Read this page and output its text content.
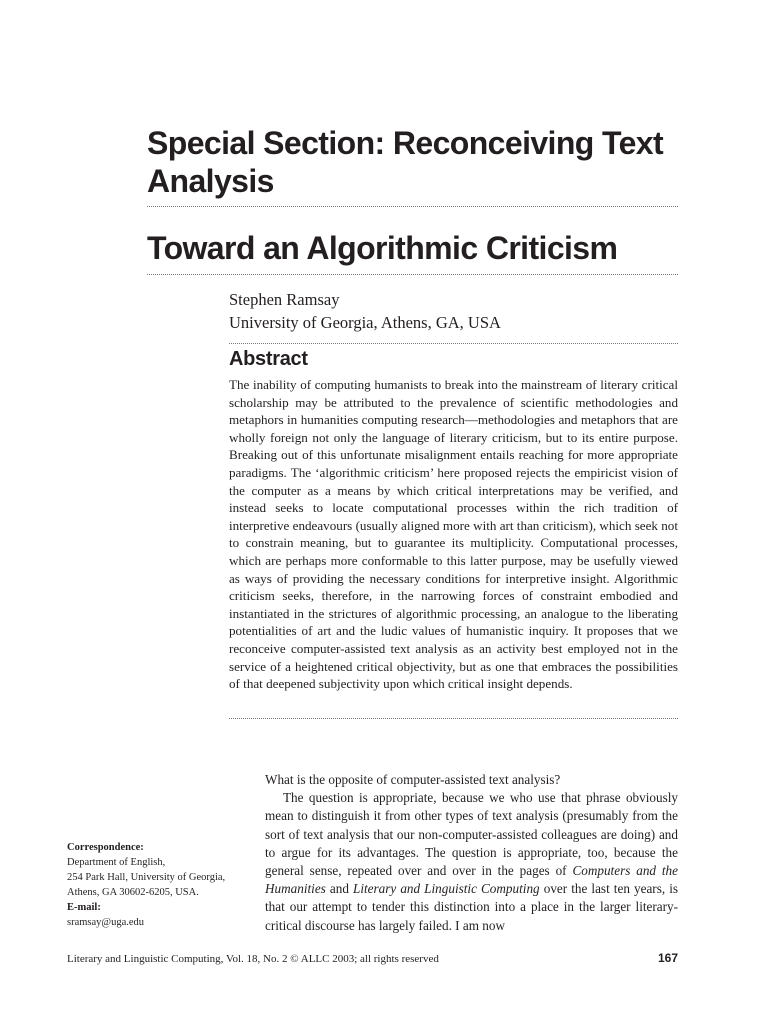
Special Section: Reconceiving Text Analysis
Toward an Algorithmic Criticism
Stephen Ramsay
University of Georgia, Athens, GA, USA
Abstract
The inability of computing humanists to break into the mainstream of literary critical scholarship may be attributed to the prevalence of scientific methodologies and metaphors in humanities computing research—methodologies and metaphors that are wholly foreign not only the language of literary criticism, but to its entire purpose. Breaking out of this unfortunate misalignment entails reaching for more appropriate paradigms. The ‘algorithmic criticism’ here proposed rejects the empiricist vision of the computer as a means by which critical interpretations may be verified, and instead seeks to locate computational processes within the rich tradition of interpretive endeavours (usually aligned more with art than criticism), which seek not to constrain meaning, but to guarantee its multiplicity. Computational processes, which are perhaps more conformable to this latter purpose, may be usefully viewed as ways of providing the necessary conditions for interpretive insight. Algorithmic criticism seeks, therefore, in the narrowing forces of constraint embodied and instantiated in the strictures of algorithmic processing, an analogue to the liberating potentialities of art and the ludic values of humanistic inquiry. It proposes that we reconceive computer-assisted text analysis as an activity best employed not in the service of a heightened critical objectivity, but as one that embraces the possibilities of that deepened subjectivity upon which critical insight depends.

What is the opposite of computer-assisted text analysis?

The question is appropriate, because we who use that phrase obviously mean to distinguish it from other types of text analysis (presumably from the sort of text analysis that our non-computer-assisted colleagues are doing) and to argue for its advantages. The question is appropriate, too, because the general sense, repeated over and over in the pages of Computers and the Humanities and Literary and Linguistic Computing over the last ten years, is that our attempt to tender this distinction into a place in the larger literary-critical discourse has largely failed. I am now

Correspondence:
Department of English,
254 Park Hall, University of Georgia,
Athens, GA 30602-6205, USA.
E-mail:
sramsay@uga.edu
Literary and Linguistic Computing, Vol. 18, No. 2 © ALLC 2003; all rights reserved	167
